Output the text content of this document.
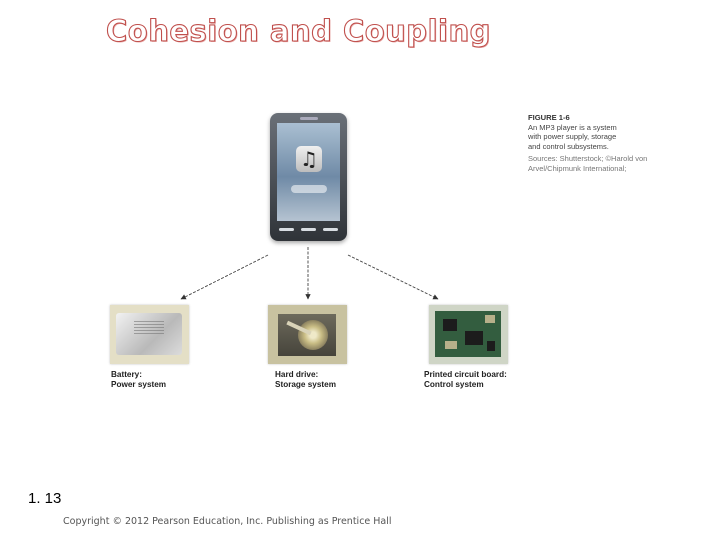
Cohesion and Coupling
FIGURE 1-6
An MP3 player is a system
with power supply, storage
and control subsystems.
Sources: Shutterstock; ©Harold von
Arvel/Chipmunk International;
♫
Battery:
Power system
Hard drive:
Storage system
Printed circuit board:
Control system
1. 13
Copyright © 2012 Pearson Education, Inc. Publishing as Prentice Hall
